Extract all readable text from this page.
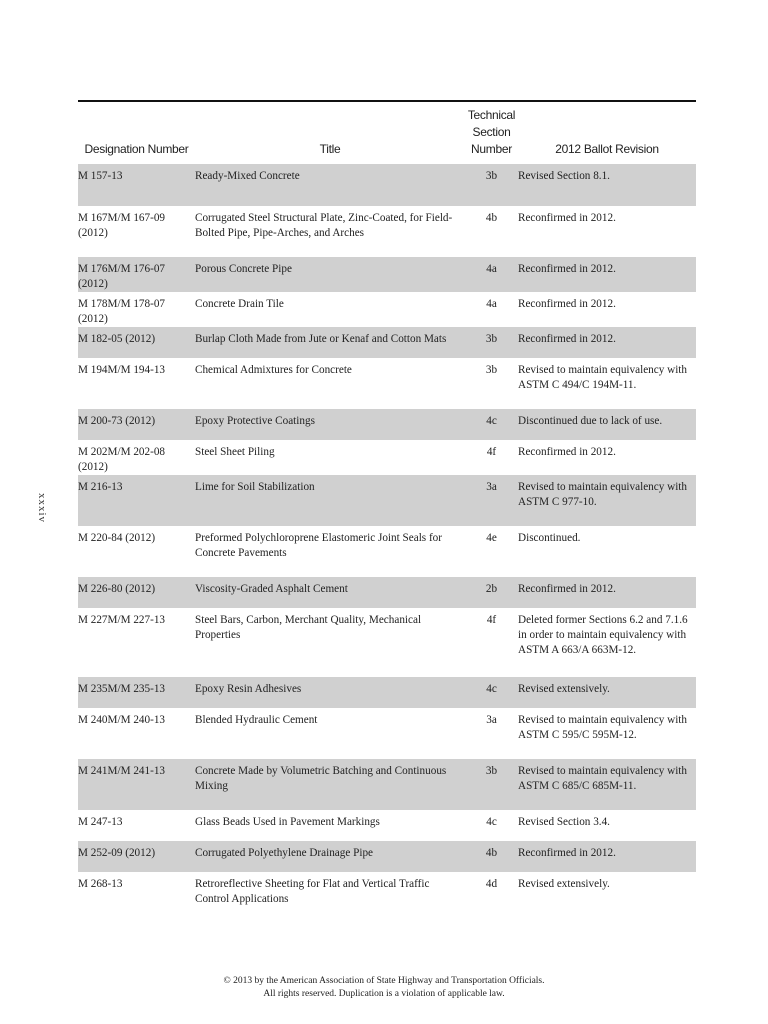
xxxiv
Designation Number	Title	Technical
Section
Number	2012 Ballot Revision
M 157-13	Ready-Mixed Concrete	3b	Revised Section 8.1.
M 167M/M 167-09 (2012)	Corrugated Steel Structural Plate, Zinc-Coated, for Field-Bolted Pipe, Pipe-Arches, and Arches	4b	Reconfirmed in 2012.
M 176M/M 176-07 (2012)	Porous Concrete Pipe	4a	Reconfirmed in 2012.
M 178M/M 178-07 (2012)	Concrete Drain Tile	4a	Reconfirmed in 2012.
M 182-05 (2012)	Burlap Cloth Made from Jute or Kenaf and Cotton Mats	3b	Reconfirmed in 2012.
M 194M/M 194-13	Chemical Admixtures for Concrete	3b	Revised to maintain equivalency with ASTM C 494/C 194M-11.
M 200-73 (2012)	Epoxy Protective Coatings	4c	Discontinued due to lack of use.
M 202M/M 202-08 (2012)	Steel Sheet Piling	4f	Reconfirmed in 2012.
M 216-13	Lime for Soil Stabilization	3a	Revised to maintain equivalency with ASTM C 977-10.
M 220-84 (2012)	Preformed Polychloroprene Elastomeric Joint Seals for Concrete Pavements	4e	Discontinued.
M 226-80 (2012)	Viscosity-Graded Asphalt Cement	2b	Reconfirmed in 2012.
M 227M/M 227-13	Steel Bars, Carbon, Merchant Quality, Mechanical Properties	4f	Deleted former Sections 6.2 and 7.1.6 in order to maintain equivalency with ASTM A 663/A 663M-12.
M 235M/M 235-13	Epoxy Resin Adhesives	4c	Revised extensively.
M 240M/M 240-13	Blended Hydraulic Cement	3a	Revised to maintain equivalency with ASTM C 595/C 595M-12.
M 241M/M 241-13	Concrete Made by Volumetric Batching and Continuous Mixing	3b	Revised to maintain equivalency with ASTM C 685/C 685M-11.
M 247-13	Glass Beads Used in Pavement Markings	4c	Revised Section 3.4.
M 252-09 (2012)	Corrugated Polyethylene Drainage Pipe	4b	Reconfirmed in 2012.
M 268-13	Retroreflective Sheeting for Flat and Vertical Traffic Control Applications	4d	Revised extensively.
© 2013 by the American Association of State Highway and Transportation Officials.
All rights reserved. Duplication is a violation of applicable law.
